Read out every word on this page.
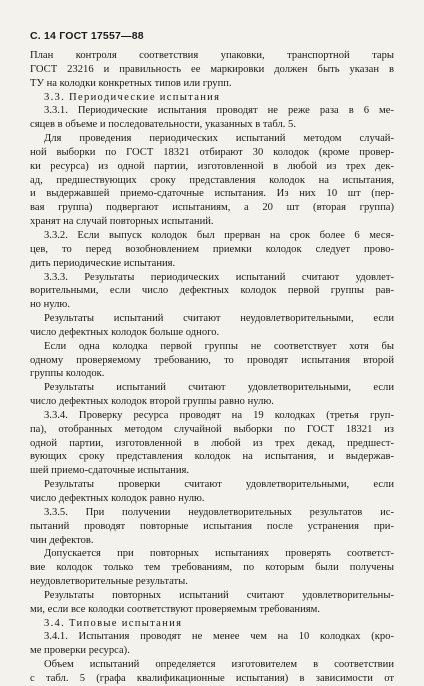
С. 14 ГОСТ 17557—88
План контроля соответствия упаковки, транспортной тары
ГОСТ 23216 и правильность ее маркировки должен быть указан в
ТУ на колодки конкретных типов или групп.
3.3. Периодические испытания
3.3.1. Периодические испытания проводят не реже раза в 6 ме-
сяцев в объеме и последовательности, указанных в табл. 5.
Для проведения периодических испытаний методом случай-
ной выборки по ГОСТ 18321 отбирают 30 колодок (кроме провер-
ки ресурса) из одной партии, изготовленной в любой из трех дек-
ад, предшествующих сроку представления колодок на испытания,
и выдержавшей приемо-сдаточные испытания. Из них 10 шт (пер-
вая группа) подвергают испытаниям, а 20 шт (вторая группа)
хранят на случай повторных испытаний.
3.3.2. Если выпуск колодок был прерван на срок более 6 меся-
цев, то перед возобновлением приемки колодок следует прово-
дить периодические испытания.
3.3.3. Результаты периодических испытаний считают удовлет-
ворительными, если число дефектных колодок первой группы рав-
но нулю.
Результаты испытаний считают неудовлетворительными, если
число дефектных колодок больше одного.
Если одна колодка первой группы не соответствует хотя бы
одному проверяемому требованию, то проводят испытания второй
группы колодок.
Результаты испытаний считают удовлетворительными, если
число дефектных колодок второй группы равно нулю.
3.3.4. Проверку ресурса проводят на 19 колодках (третья груп-
па), отобранных методом случайной выборки по ГОСТ 18321 из
одной партии, изготовленной в любой из трех декад, предшест-
вующих сроку представления колодок на испытания, и выдержав-
шей приемо-сдаточные испытания.
Результаты проверки считают удовлетворительными, если
число дефектных колодок равно нулю.
3.3.5. При получении неудовлетворительных результатов ис-
пытаний проводят повторные испытания после устранения при-
чин дефектов.
Допускается при повторных испытаниях проверять соответст-
вие колодок только тем требованиям, по которым были получены
неудовлетворительные результаты.
Результаты повторных испытаний считают удовлетворительны-
ми, если все колодки соответствуют проверяемым требованиям.
3.4. Типовые испытания
3.4.1. Испытания проводят не менее чем на 10 колодках (кро-
ме проверки ресурса).
Объем испытаний определяется изготовителем в соответствии
с табл. 5 (графа квалификационные испытания) в зависимости от
